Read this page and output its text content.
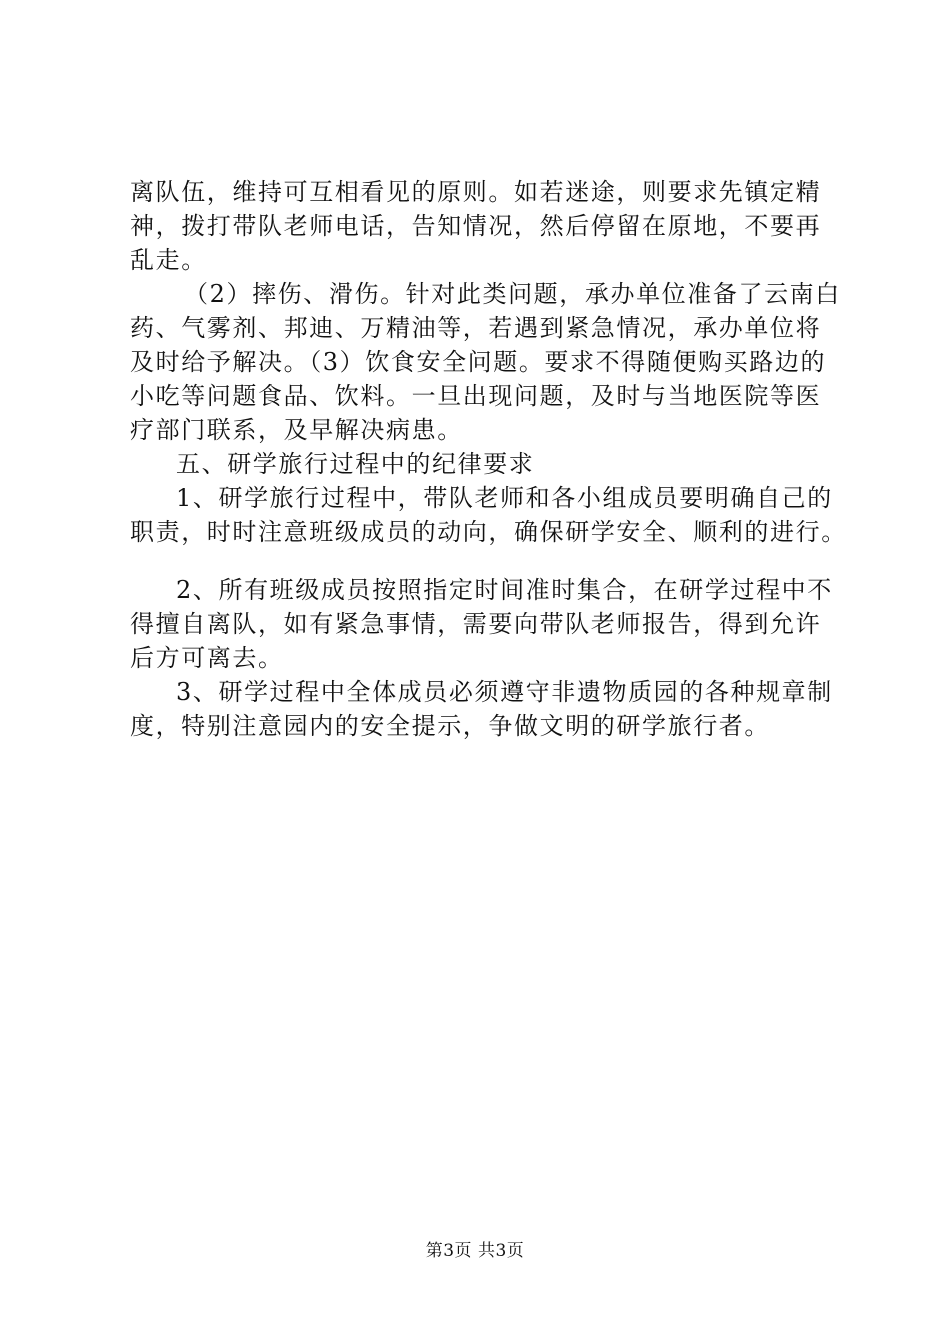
离队伍，维持可互相看见的原则。如若迷途，则要求先镇定精
神，拨打带队老师电话，告知情况，然后停留在原地，不要再
乱走。
（2）摔伤、滑伤。针对此类问题，承办单位准备了云南白
药、气雾剂、邦迪、万精油等，若遇到紧急情况，承办单位将
及时给予解决。（3）饮食安全问题。要求不得随便购买路边的
小吃等问题食品、饮料。一旦出现问题，及时与当地医院等医
疗部门联系，及早解决病患。
五、研学旅行过程中的纪律要求
1、研学旅行过程中，带队老师和各小组成员要明确自己的
职责，时时注意班级成员的动向，确保研学安全、顺利的进行。
2、所有班级成员按照指定时间准时集合，在研学过程中不
得擅自离队，如有紧急事情，需要向带队老师报告，得到允许
后方可离去。
3、研学过程中全体成员必须遵守非遗物质园的各种规章制
度，特别注意园内的安全提示，争做文明的研学旅行者。
第3页 共3页
